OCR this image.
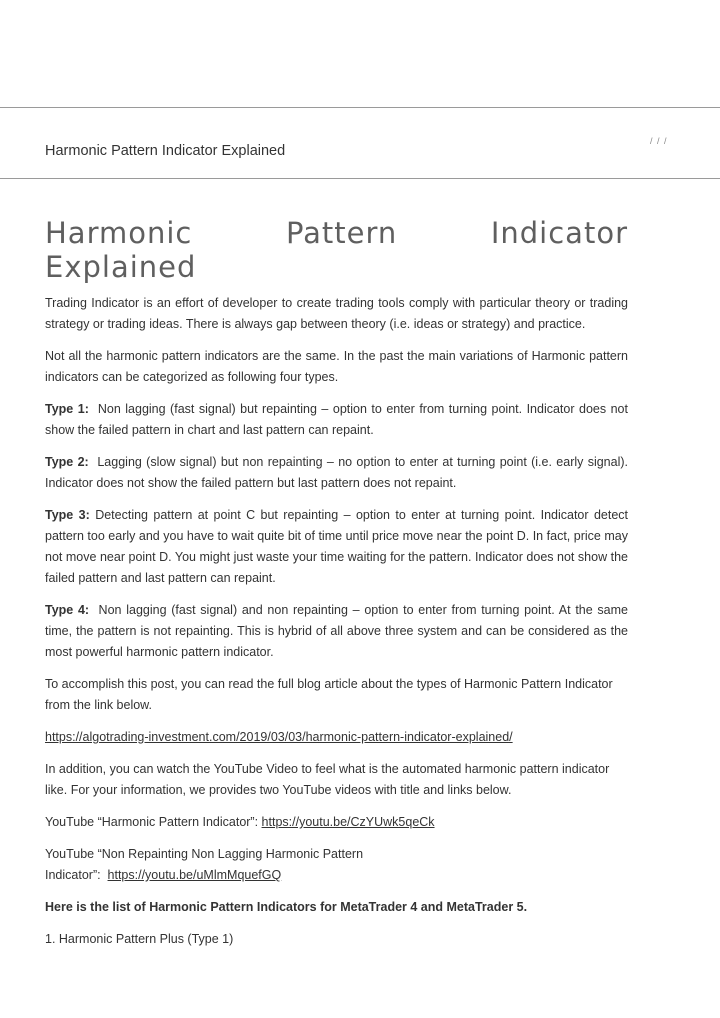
Harmonic Pattern Indicator Explained
/ / /
Harmonic	Pattern	Indicator
Explained

Trading Indicator is an effort of developer to create trading tools comply with particular theory or trading strategy or trading ideas. There is always gap between theory (i.e. ideas or strategy) and practice.

Not all the harmonic pattern indicators are the same. In the past the main variations of Harmonic pattern indicators can be categorized as following four types.

Type 1:  Non lagging (fast signal) but repainting – option to enter from turning point. Indicator does not show the failed pattern in chart and last pattern can repaint.

Type 2:  Lagging (slow signal) but non repainting – no option to enter at turning point (i.e. early signal). Indicator does not show the failed pattern but last pattern does not repaint.

Type 3: Detecting pattern at point C but repainting – option to enter at turning point. Indicator detect pattern too early and you have to wait quite bit of time until price move near the point D. In fact, price may not move near point D. You might just waste your time waiting for the pattern. Indicator does not show the failed pattern and last pattern can repaint.

Type 4:  Non lagging (fast signal) and non repainting – option to enter from turning point. At the same time, the pattern is not repainting. This is hybrid of all above three system and can be considered as the most powerful harmonic pattern indicator.

To accomplish this post, you can read the full blog article about the types of Harmonic Pattern Indicator from the link below.

https://algotrading-investment.com/2019/03/03/harmonic-pattern-indicator-explained/

In addition, you can watch the YouTube Video to feel what is the automated harmonic pattern indicator like. For your information, we provides two YouTube videos with title and links below.

YouTube “Harmonic Pattern Indicator”: https://youtu.be/CzYUwk5qeCk

YouTube “Non Repainting Non Lagging Harmonic Pattern
Indicator”:  https://youtu.be/uMlmMquefGQ

Here is the list of Harmonic Pattern Indicators for MetaTrader 4 and MetaTrader 5.

1. Harmonic Pattern Plus (Type 1)
